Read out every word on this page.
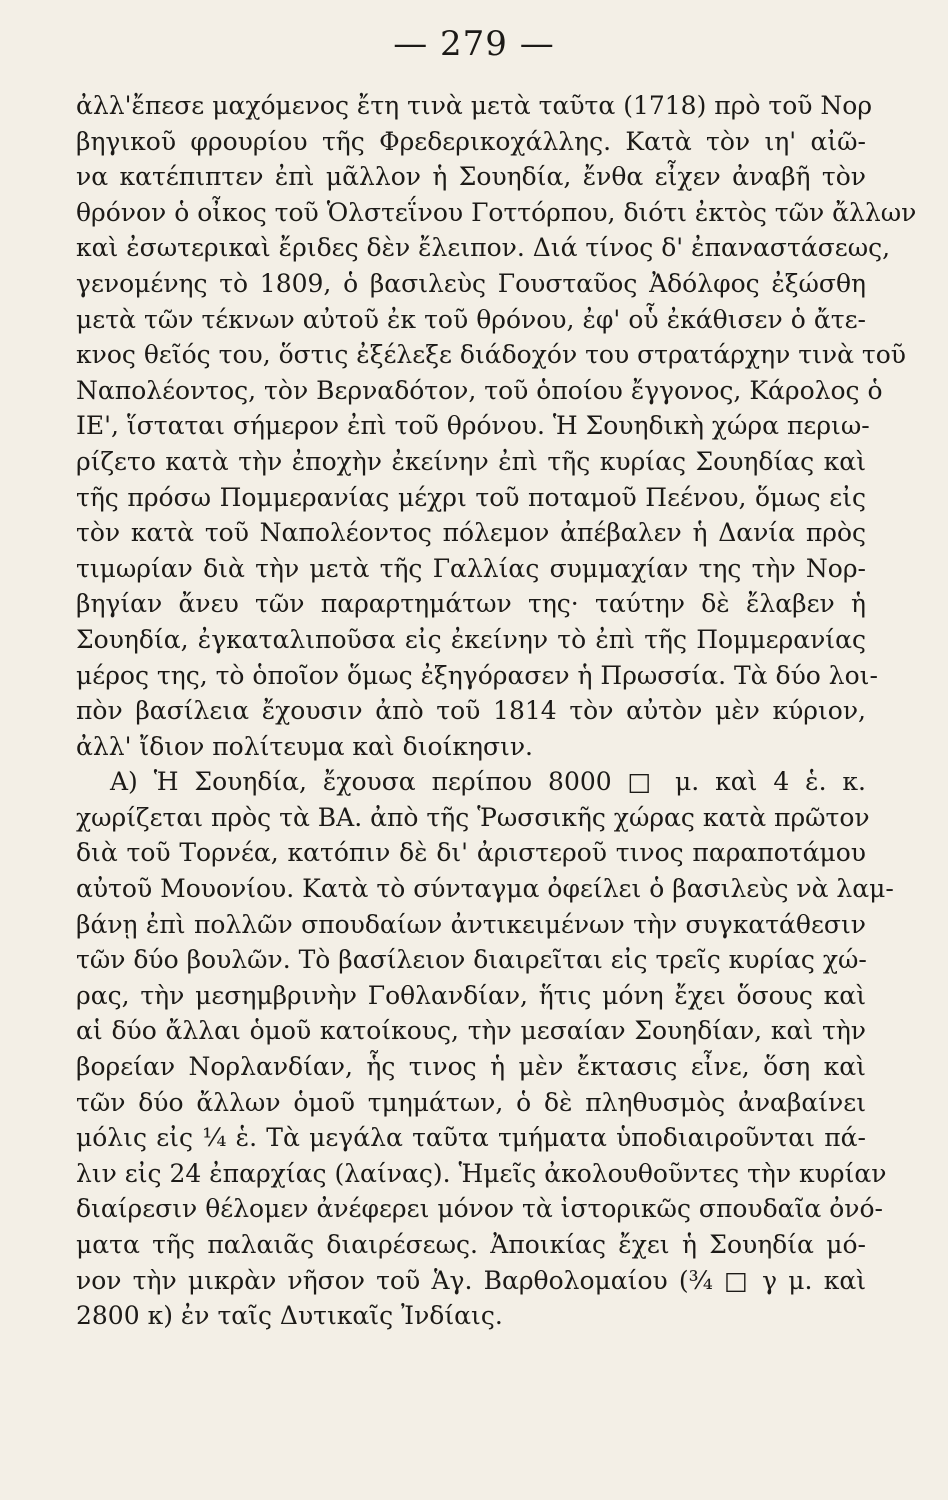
— 279 —
ἀλλ'ἔπεσε μαχόμενος ἔτη τινὰ μετὰ ταῦτα (1718) πρὸ τοῦ Νορ
βηγικοῦ φρουρίου τῆς Φρεδερικοχάλλης. Κατὰ τὸν ιη' αἰῶ-
να κατέπιπτεν ἐπὶ μᾶλλον ἡ Σουηδία, ἔνθα εἶχεν ἀναβῆ τὸν
θρόνον ὁ οἶκος τοῦ Ὁλστεΐνου Γοττόρπου, διότι ἐκτὸς τῶν ἄλλων
καὶ ἐσωτερικαὶ ἔριδες δὲν ἔλειπον. Διά τίνος δ' ἐπαναστάσεως,
γενομένης τὸ 1809, ὁ βασιλεὺς Γουσταῦος Ἀδόλφος ἐξώσθη
μετὰ τῶν τέκνων αὐτοῦ ἐκ τοῦ θρόνου, ἐφ' οὗ ἐκάθισεν ὁ ἄτε-
κνος θεῖός του, ὅστις ἐξέλεξε διάδοχόν του στρατάρχην τινὰ τοῦ
Ναπολέοντος, τὸν Βερναδότον, τοῦ ὁποίου ἔγγονος, Κάρολος ὁ
ΙΕ', ἵσταται σήμερον ἐπὶ τοῦ θρόνου. Ἡ Σουηδικὴ χώρα περιω-
ρίζετο κατὰ τὴν ἐποχὴν ἐκείνην ἐπὶ τῆς κυρίας Σουηδίας καὶ
τῆς πρόσω Πομμερανίας μέχρι τοῦ ποταμοῦ Πεένου, ὅμως εἰς
τὸν κατὰ τοῦ Ναπολέοντος πόλεμον ἀπέβαλεν ἡ Δανία πρὸς
τιμωρίαν διὰ τὴν μετὰ τῆς Γαλλίας συμμαχίαν της τὴν Νορ-
βηγίαν ἄνευ τῶν παραρτημάτων της· ταύτην δὲ ἔλαβεν ἡ
Σουηδία, ἐγκαταλιποῦσα εἰς ἐκείνην τὸ ἐπὶ τῆς Πομμερανίας
μέρος της, τὸ ὁποῖον ὅμως ἐξηγόρασεν ἡ Πρωσσία. Τὰ δύο λοι-
πὸν βασίλεια ἔχουσιν ἀπὸ τοῦ 1814 τὸν αὐτὸν μὲν κύριον,
ἀλλ' ἴδιον πολίτευμα καὶ διοίκησιν.
Α) Ἡ Σουηδία, ἔχουσα περίπου 8000 □ μ. καὶ 4 ἑ. κ.
χωρίζεται πρὸς τὰ ΒΑ. ἀπὸ τῆς Ῥωσσικῆς χώρας κατὰ πρῶτον
διὰ τοῦ Τορνέα, κατόπιν δὲ δι' ἀριστεροῦ τινος παραποτάμου
αὐτοῦ Μουονίου. Κατὰ τὸ σύνταγμα ὀφείλει ὁ βασιλεὺς νὰ λαμ-
βάνῃ ἐπὶ πολλῶν σπουδαίων ἀντικειμένων τὴν συγκατάθεσιν
τῶν δύο βουλῶν. Τὸ βασίλειον διαιρεῖται εἰς τρεῖς κυρίας χώ-
ρας, τὴν μεσημβρινὴν Γοθλανδίαν, ἥτις μόνη ἔχει ὅσους καὶ
αἱ δύο ἄλλαι ὁμοῦ κατοίκους, τὴν μεσαίαν Σουηδίαν, καὶ τὴν
βορείαν Νορλανδίαν, ἧς τινος ἡ μὲν ἔκτασις εἶνε, ὅση καὶ
τῶν δύο ἄλλων ὁμοῦ τμημάτων, ὁ δὲ πληθυσμὸς ἀναβαίνει
μόλις εἰς ¼ ἑ. Τὰ μεγάλα ταῦτα τμήματα ὑποδιαιροῦνται πά-
λιν εἰς 24 ἐπαρχίας (λαίνας). Ἡμεῖς ἀκολουθοῦντες τὴν κυρίαν
διαίρεσιν θέλομεν ἀνέφερει μόνον τὰ ἱστορικῶς σπουδαῖα ὀνό-
ματα τῆς παλαιᾶς διαιρέσεως. Ἀποικίας ἔχει ἡ Σουηδία μό-
νον τὴν μικρὰν νῆσον τοῦ Ἁγ. Βαρθολομαίου (¾ □ γ μ. καὶ
2800 κ) ἐν ταῖς Δυτικαῖς Ἰνδίαις.
